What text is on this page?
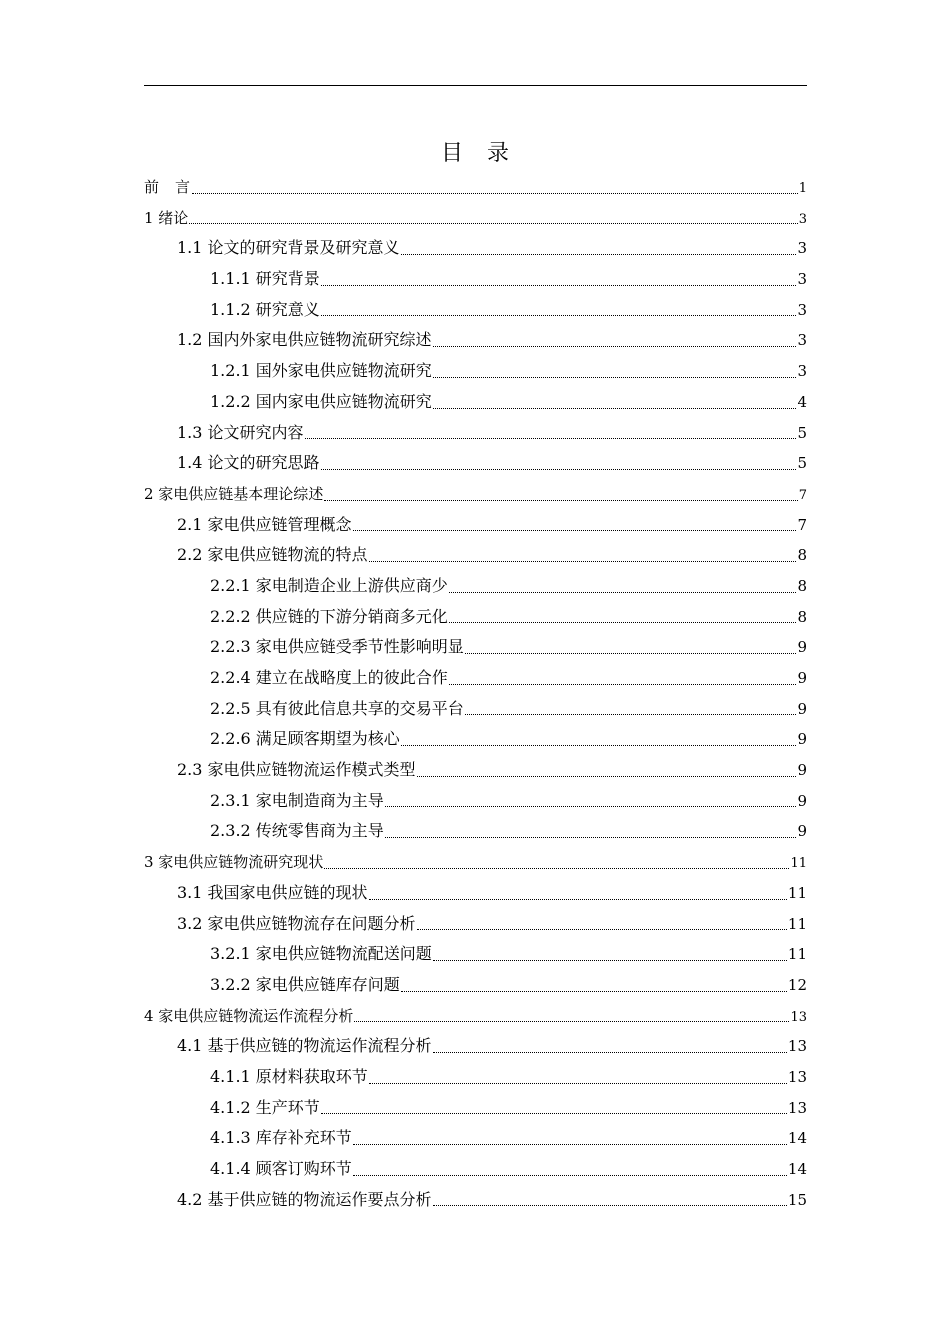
目录
前言	1
1 绪论	3
1.1 论文的研究背景及研究意义	3
1.1.1 研究背景	3
1.1.2 研究意义	3
1.2 国内外家电供应链物流研究综述	3
1.2.1 国外家电供应链物流研究	3
1.2.2 国内家电供应链物流研究	4
1.3 论文研究内容	5
1.4 论文的研究思路	5
2 家电供应链基本理论综述	7
2.1 家电供应链管理概念	7
2.2 家电供应链物流的特点	8
2.2.1 家电制造企业上游供应商少	8
2.2.2 供应链的下游分销商多元化	8
2.2.3 家电供应链受季节性影响明显	9
2.2.4 建立在战略度上的彼此合作	9
2.2.5 具有彼此信息共享的交易平台	9
2.2.6 满足顾客期望为核心	9
2.3 家电供应链物流运作模式类型	9
2.3.1 家电制造商为主导	9
2.3.2 传统零售商为主导	9
3 家电供应链物流研究现状	11
3.1 我国家电供应链的现状	11
3.2 家电供应链物流存在问题分析	11
3.2.1 家电供应链物流配送问题	11
3.2.2 家电供应链库存问题	12
4 家电供应链物流运作流程分析	13
4.1 基于供应链的物流运作流程分析	13
4.1.1 原材料获取环节	13
4.1.2 生产环节	13
4.1.3 库存补充环节	14
4.1.4 顾客订购环节	14
4.2 基于供应链的物流运作要点分析	15
